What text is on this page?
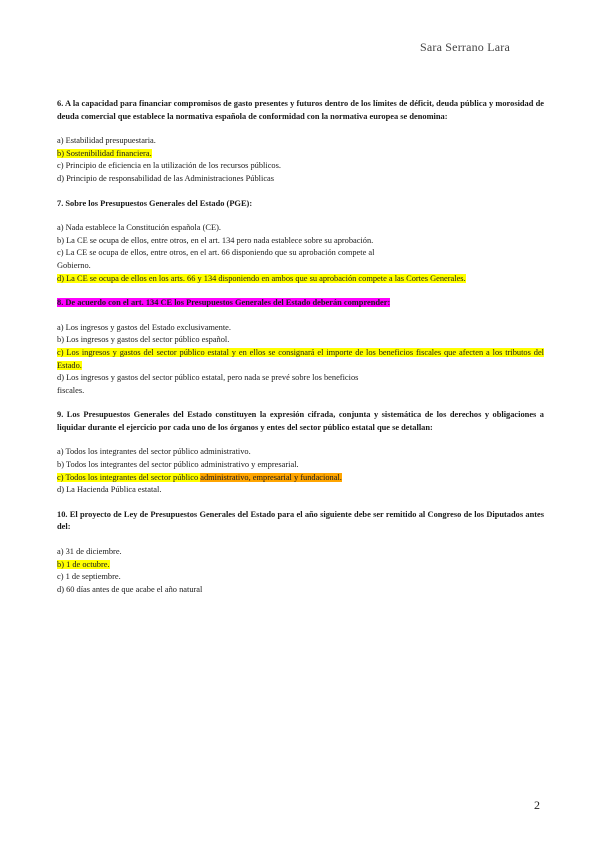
Sara Serrano Lara

6. A la capacidad para financiar compromisos de gasto presentes y futuros dentro de los límites de déficit, deuda pública y morosidad de deuda comercial que establece la normativa española de conformidad con la normativa europea se denomina:

a) Estabilidad presupuestaria.

b) Sostenibilidad financiera.

c) Principio de eficiencia en la utilización de los recursos públicos.

d) Principio de responsabilidad de las Administraciones Públicas

7. Sobre los Presupuestos Generales del Estado (PGE):

a) Nada establece la Constitución española (CE).

b) La CE se ocupa de ellos, entre otros, en el art. 134 pero nada establece sobre su aprobación.

c) La CE se ocupa de ellos, entre otros, en el art. 66 disponiendo que su aprobación compete al

Gobierno.

d) La CE se ocupa de ellos en los arts. 66 y 134 disponiendo en ambos que su aprobación compete a las Cortes Generales.

8. De acuerdo con el art. 134 CE los Presupuestos Generales del Estado deberán comprender:

a) Los ingresos y gastos del Estado exclusivamente.

b) Los ingresos y gastos del sector público español.

c) Los ingresos y gastos del sector público estatal y en ellos se consignará el importe de los beneficios fiscales que afecten a los tributos del Estado.

d) Los ingresos y gastos del sector público estatal, pero nada se prevé sobre los beneficios

fiscales.

9. Los Presupuestos Generales del Estado constituyen la expresión cifrada, conjunta y sistemática de los derechos y obligaciones a liquidar durante el ejercicio por cada uno de los órganos y entes del sector público estatal que se detallan:

a) Todos los integrantes del sector público administrativo.

b) Todos los integrantes del sector público administrativo y empresarial.

c) Todos los integrantes del sector público administrativo, empresarial y fundacional.

d) La Hacienda Pública estatal.

10. El proyecto de Ley de Presupuestos Generales del Estado para el año siguiente debe ser remitido al Congreso de los Diputados antes del:

a) 31 de diciembre.

b) 1 de octubre.

c) 1 de septiembre.

d) 60 días antes de que acabe el año natural

2
